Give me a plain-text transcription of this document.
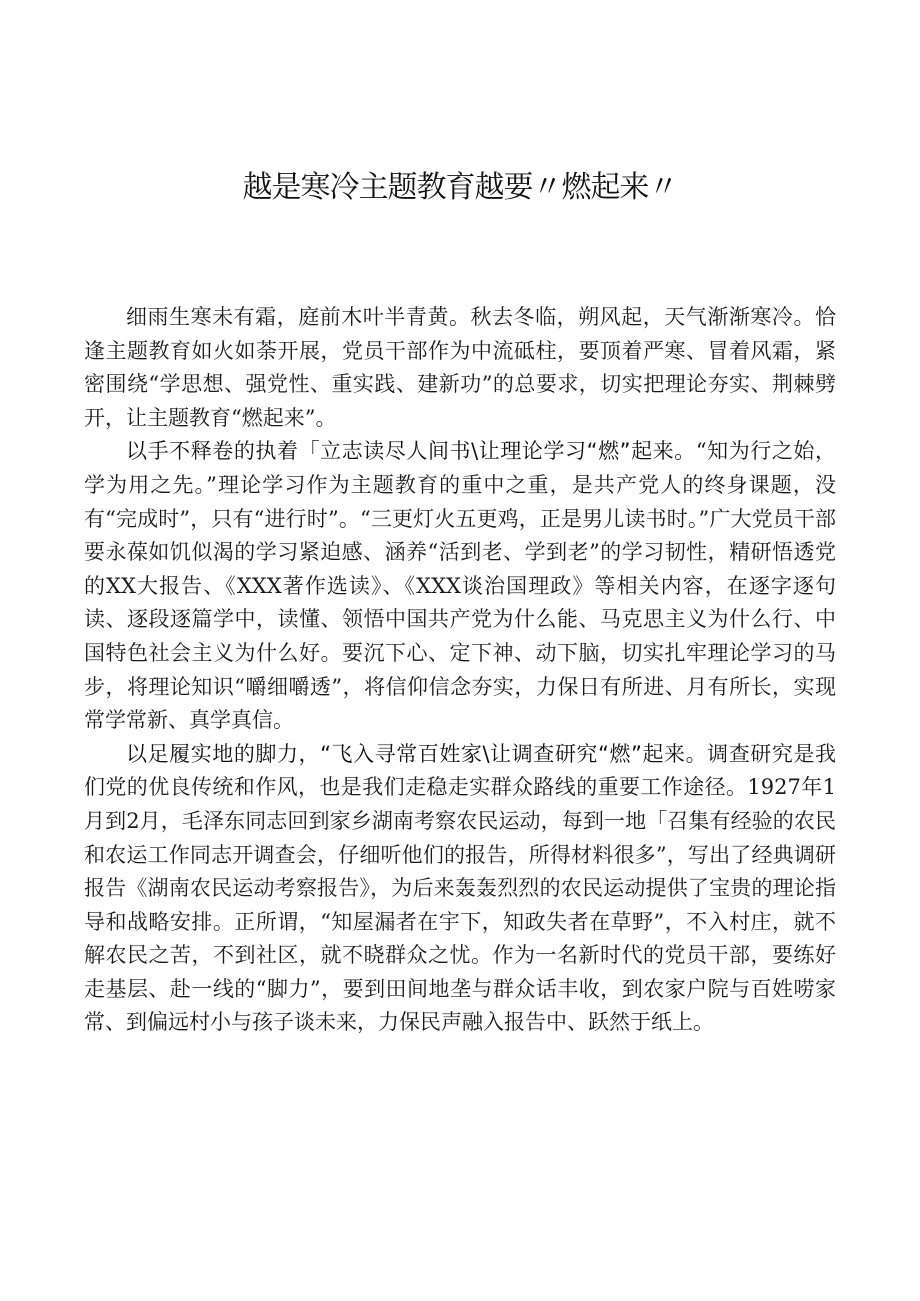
越是寒冷主题教育越要〃燃起来〃

细雨生寒未有霜，庭前木叶半青黄。秋去冬临，朔风起，天气渐渐寒冷。恰逢主题教育如火如荼开展，党员干部作为中流砥柱，要顶着严寒、冒着风霜，紧密围绕“学思想、强党性、重实践、建新功”的总要求，切实把理论夯实、荆棘劈开，让主题教育“燃起来”。

以手不释卷的执着「立志读尽人间书\让理论学习“燃”起来。“知为行之始，学为用之先。”理论学习作为主题教育的重中之重，是共产党人的终身课题，没有“完成时”，只有“进行时”。“三更灯火五更鸡，正是男儿读书时。”广大党员干部要永葆如饥似渴的学习紧迫感、涵养“活到老、学到老”的学习韧性，精研悟透党的XX大报告、《XXX著作选读》、《XXX谈治国理政》等相关内容，在逐字逐句读、逐段逐篇学中，读懂、领悟中国共产党为什么能、马克思主义为什么行、中国特色社会主义为什么好。要沉下心、定下神、动下脑，切实扎牢理论学习的马步，将理论知识“嚼细嚼透”，将信仰信念夯实，力保日有所进、月有所长，实现常学常新、真学真信。

以足履实地的脚力，“飞入寻常百姓家\让调查研究“燃”起来。调查研究是我们党的优良传统和作风，也是我们走稳走实群众路线的重要工作途径。1927年1月到2月，毛泽东同志回到家乡湖南考察农民运动，每到一地「召集有经验的农民和农运工作同志开调查会，仔细听他们的报告，所得材料很多”，写出了经典调研报告《湖南农民运动考察报告》，为后来轰轰烈烈的农民运动提供了宝贵的理论指导和战略安排。正所谓，“知屋漏者在宇下，知政失者在草野”，不入村庄，就不解农民之苦，不到社区，就不晓群众之忧。作为一名新时代的党员干部，要练好走基层、赴一线的“脚力”，要到田间地垄与群众话丰收，到农家户院与百姓唠家常、到偏远村小与孩子谈未来，力保民声融入报告中、跃然于纸上。
